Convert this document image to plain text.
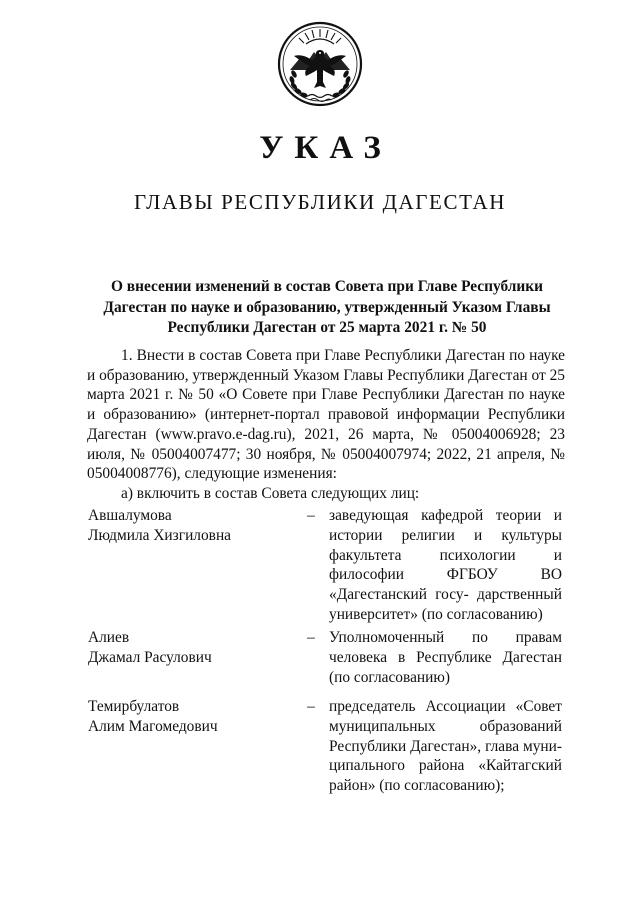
УКАЗ
ГЛАВЫ РЕСПУБЛИКИ ДАГЕСТАН
О внесении изменений в состав Совета при Главе Республики
Дагестан по науке и образованию, утвержденный Указом Главы
Республики Дагестан от 25 марта 2021 г. № 50

1. Внести в состав Совета при Главе Республики Дагестан по науке и образованию, утвержденный Указом Главы Республики Дагестан от 25 марта 2021 г. № 50 «О Совете при Главе Республики Дагестан по науке и образованию» (интернет-портал правовой информации Республики Дагестан (www.pravo.e-dag.ru), 2021, 26 марта, № 05004006928; 23 июля, № 05004007477; 30 ноября, № 05004007974; 2022, 21 апреля, № 05004008776), следующие изменения:

а) включить в состав Совета следующих лиц:

Авшалумова
Людмила Хизгиловна
– заведующая кафедрой теории и истории религии и культуры факультета психологии и философии ФГБОУ ВО «Дагестанский госу- дарственный университет» (по согласованию)
Алиев
Джамал Расулович
– Уполномоченный по правам человека в Республике Дагестан (по согласованию)
Темирбулатов
Алим Магомедович
– председатель Ассоциации «Совет муниципальных образований Республики Дагестан», глава муни- ципального района «Кайтагский район» (по согласованию);
